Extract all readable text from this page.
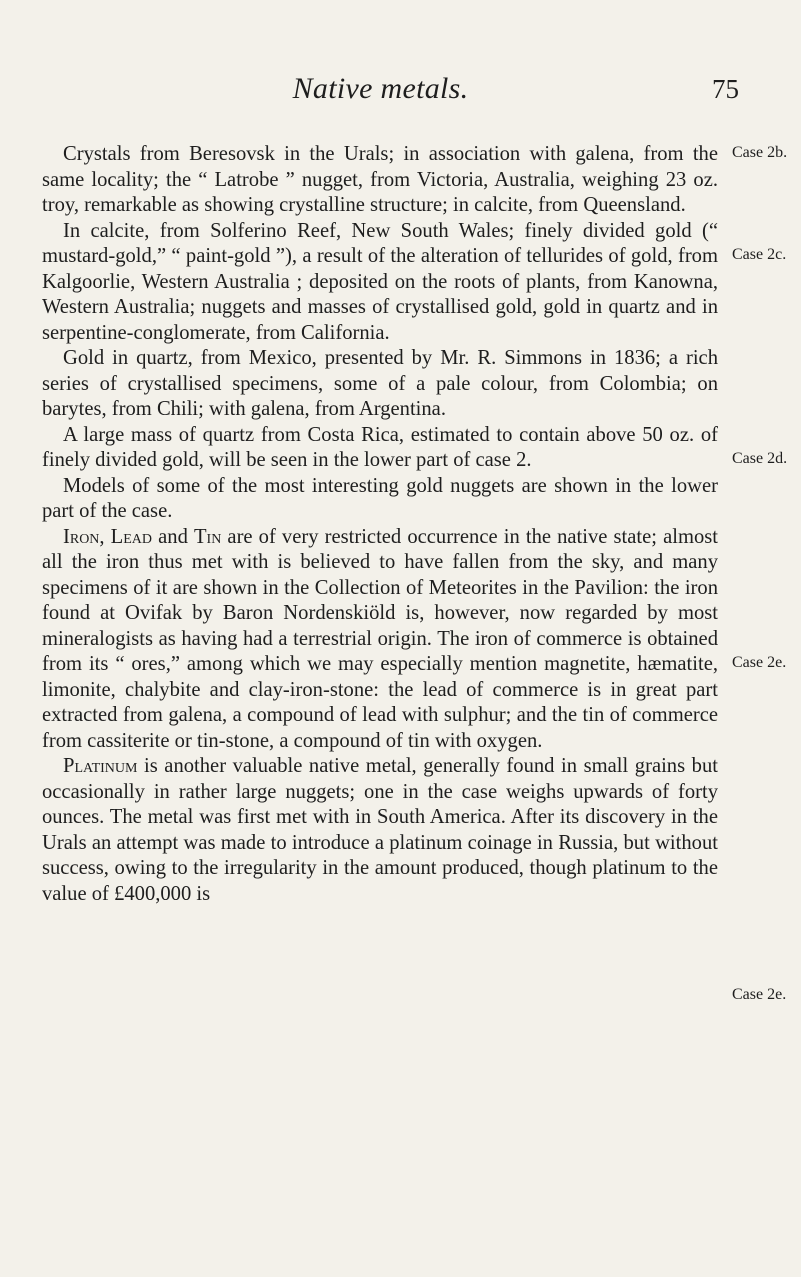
Native metals.	75
Case 2b.
Case 2c.
Case 2d.
Case 2e.
Case 2e.

Crystals from Beresovsk in the Urals; in association with galena, from the same locality; the “ Latrobe ” nugget, from Victoria, Australia, weighing 23 oz. troy, remarkable as showing crystalline structure; in calcite, from Queensland.

In calcite, from Solferino Reef, New South Wales; finely divided gold (“ mustard-gold,” “ paint-gold ”), a result of the alteration of tellurides of gold, from Kalgoorlie, Western Australia ; deposited on the roots of plants, from Kanowna, Western Australia; nuggets and masses of crystallised gold, gold in quartz and in serpentine-conglomerate, from California.

Gold in quartz, from Mexico, presented by Mr. R. Simmons in 1836; a rich series of crystallised specimens, some of a pale colour, from Colombia; on barytes, from Chili; with galena, from Argentina.

A large mass of quartz from Costa Rica, estimated to contain above 50 oz. of finely divided gold, will be seen in the lower part of case 2.

Models of some of the most interesting gold nuggets are shown in the lower part of the case.

Iron, Lead and Tin are of very restricted occurrence in the native state; almost all the iron thus met with is believed to have fallen from the sky, and many specimens of it are shown in the Collection of Meteorites in the Pavilion: the iron found at Ovifak by Baron Nordenskiöld is, however, now regarded by most mineralogists as having had a terrestrial origin. The iron of commerce is obtained from its “ ores,” among which we may especially mention magnetite, hæmatite, limonite, chalybite and clay-iron-stone: the lead of commerce is in great part extracted from galena, a compound of lead with sulphur; and the tin of commerce from cassiterite or tin-stone, a compound of tin with oxygen.

Platinum is another valuable native metal, generally found in small grains but occasionally in rather large nuggets; one in the case weighs upwards of forty ounces. The metal was first met with in South America. After its discovery in the Urals an attempt was made to introduce a platinum coinage in Russia, but without success, owing to the irregularity in the amount produced, though platinum to the value of £400,000 is
